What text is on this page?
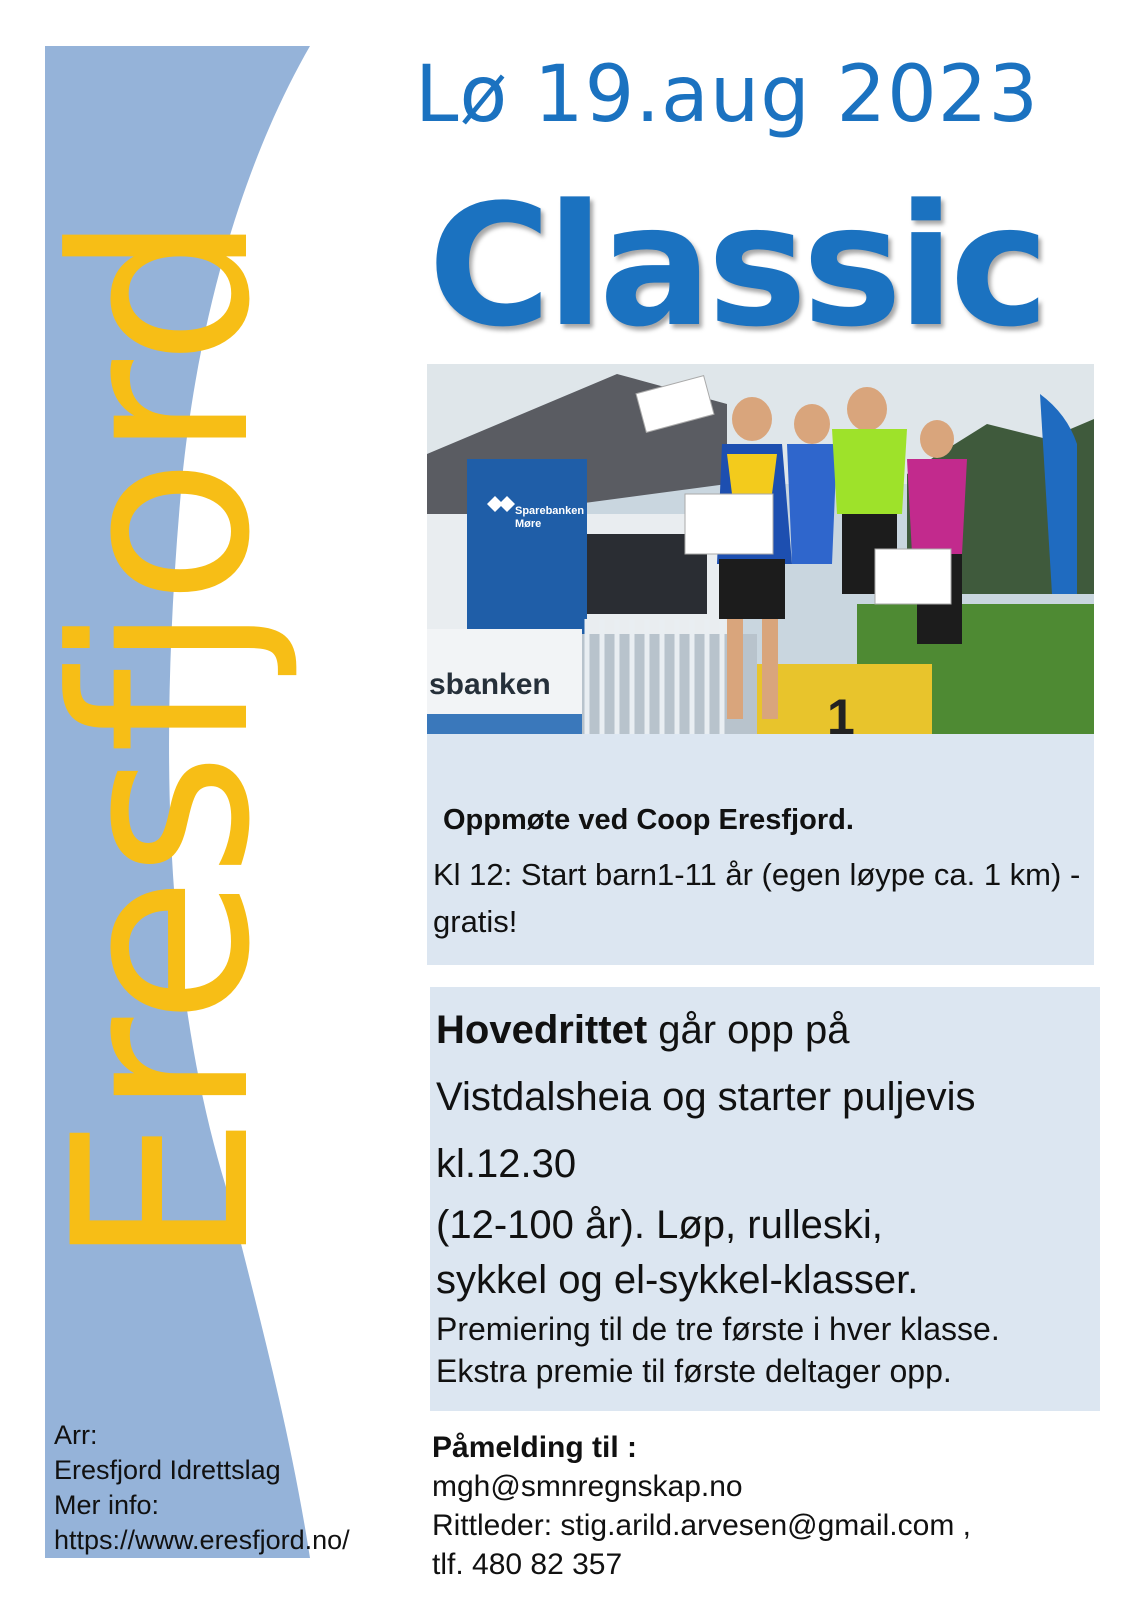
Eresfjord
Lø 19.aug 2023
Classic
Sparebanken
Møre
sbanken
1
Oppmøte ved Coop Eresfjord.
Kl 12: Start barn1-11 år (egen løype ca. 1 km) - gratis!
Hovedrittet går opp på
Vistdalsheia og starter puljevis
kl.12.30
(12-100 år). Løp, rulleski,
sykkel og el-sykkel-klasser.
Premiering til de tre første i hver klasse.
Ekstra premie til første deltager opp.
Arr:
Eresfjord Idrettslag
Mer info:
https://www.eresfjord.no/
Påmelding til :
mgh@smnregnskap.no
Rittleder: stig.arild.arvesen@gmail.com ,
tlf. 480 82 357
